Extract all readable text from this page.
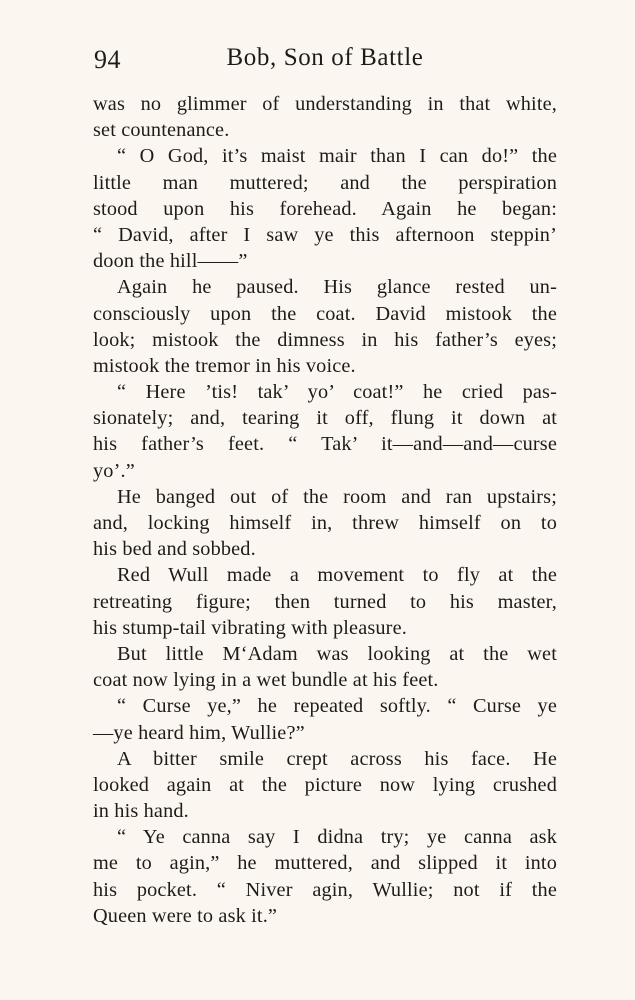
94	Bob, Son of Battle
was no glimmer of understanding in that white,
set countenance.
“ O God, it’s maist mair than I can do!” the
little man muttered; and the perspiration
stood upon his forehead. Again he began:
“ David, after I saw ye this afternoon steppin’
doon the hill——”
Again he paused. His glance rested un-
consciously upon the coat. David mistook the
look; mistook the dimness in his father’s eyes;
mistook the tremor in his voice.
“ Here ’tis! tak’ yo’ coat!” he cried pas-
sionately; and, tearing it off, flung it down at
his father’s feet. “ Tak’ it—and—and—curse
yo’.”
He banged out of the room and ran upstairs;
and, locking himself in, threw himself on to
his bed and sobbed.
Red Wull made a movement to fly at the
retreating figure; then turned to his master,
his stump-tail vibrating with pleasure.
But little M‘Adam was looking at the wet
coat now lying in a wet bundle at his feet.
“ Curse ye,” he repeated softly. “ Curse ye
—ye heard him, Wullie?”
A bitter smile crept across his face. He
looked again at the picture now lying crushed
in his hand.
“ Ye canna say I didna try; ye canna ask
me to agin,” he muttered, and slipped it into
his pocket. “ Niver agin, Wullie; not if the
Queen were to ask it.”
